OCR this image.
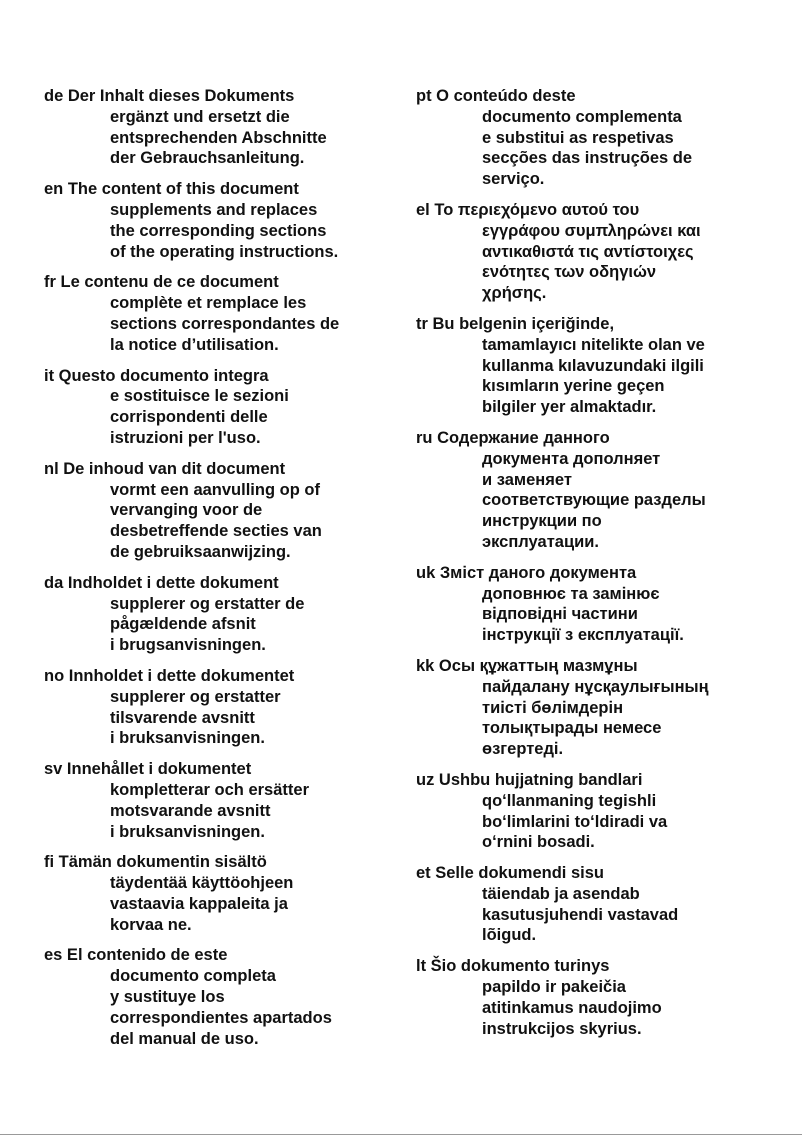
de Der Inhalt dieses Dokuments
ergänzt und ersetzt die
entsprechenden Abschnitte
der Gebrauchsanleitung.
en The content of this document
supplements and replaces
the corresponding sections
of the operating instructions.
fr Le contenu de ce document
complète et remplace les
sections correspondantes de
la notice d’utilisation.
it Questo documento integra
e sostituisce le sezioni
corrispondenti delle
istruzioni per l'uso.
nl De inhoud van dit document
vormt een aanvulling op of
vervanging voor de
desbetreffende secties van
de gebruiksaanwijzing.
da Indholdet i dette dokument
supplerer og erstatter de
pågældende afsnit
i brugsanvisningen.
no Innholdet i dette dokumentet
supplerer og erstatter
tilsvarende avsnitt
i bruksanvisningen.
sv Innehållet i dokumentet
kompletterar och ersätter
motsvarande avsnitt
i bruksanvisningen.
fi Tämän dokumentin sisältö
täydentää käyttöohjeen
vastaavia kappaleita ja
korvaa ne.
es El contenido de este
documento completa
y sustituye los
correspondientes apartados
del manual de uso.
pt O conteúdo deste
documento complementa
e substitui as respetivas
secções das instruções de
serviço.
el Το περιεχόμενο αυτού του
εγγράφου συμπληρώνει και
αντικαθιστά τις αντίστοιχες
ενότητες των οδηγιών
χρήσης.
tr Bu belgenin içeriğinde,
tamamlayıcı nitelikte olan ve
kullanma kılavuzundaki ilgili
kısımların yerine geçen
bilgiler yer almaktadır.
ru Содержание данного
документа дополняет
и заменяет
соответствующие разделы
инструкции по
эксплуатации.
uk Зміст даного документа
доповнює та замінює
відповідні частини
інструкції з експлуатації.
kk Осы құжаттың мазмұны
пайдалану нұсқаулығының
тиісті бөлімдерін
толықтырады немесе
өзгертеді.
uz Ushbu hujjatning bandlari
qoʻllanmaning tegishli
boʻlimlarini toʻldiradi va
oʻrnini bosadi.
et Selle dokumendi sisu
täiendab ja asendab
kasutusjuhendi vastavad
lõigud.
lt Šio dokumento turinys
papildo ir pakeičia
atitinkamus naudojimo
instrukcijos skyrius.
